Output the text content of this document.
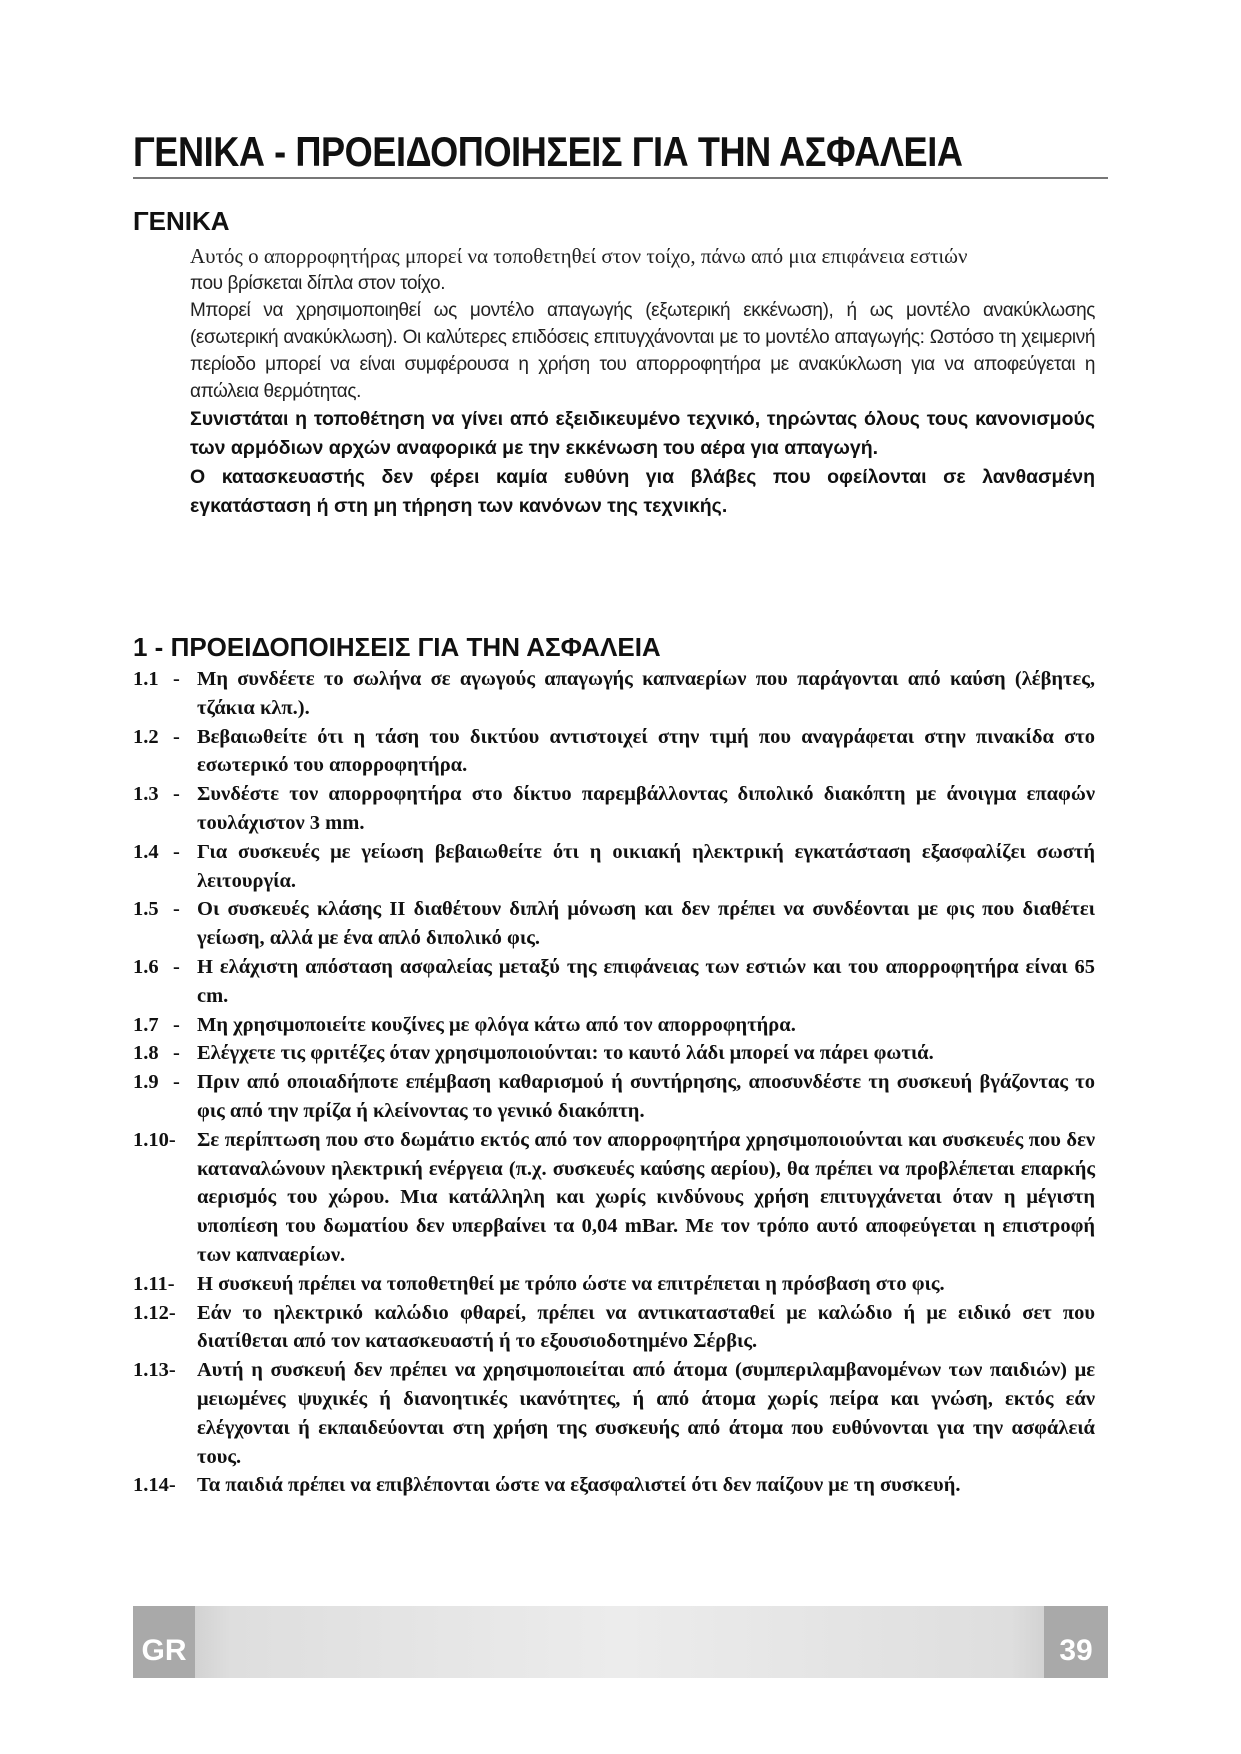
ΓΕΝΙΚΑ - ΠΡΟΕΙΔΟΠΟΙΗΣΕΙΣ ΓΙΑ ΤΗΝ ΑΣΦΑΛΕΙΑ
ΓΕΝΙΚΑ

Αυτός ο απορροφητήρας μπορεί να τοποθετηθεί στον τοίχο, πάνω από μια επιφάνεια εστιών

που βρίσκεται δίπλα στον τοίχο.

Μπορεί να χρησιμοποιηθεί ως μοντέλο απαγωγής (εξωτερική εκκένωση), ή ως μοντέλο ανακύκλωσης (εσωτερική ανακύκλωση). Οι καλύτερες επιδόσεις επιτυγχάνονται με το μοντέλο απαγωγής: Ωστόσο τη χειμερινή περίοδο μπορεί να είναι συμφέρουσα η χρήση του απορροφητήρα με ανακύκλωση για να αποφεύγεται η απώλεια θερμότητας.

Συνιστάται η τοποθέτηση να γίνει από εξειδικευμένο τεχνικό, τηρώντας όλους τους κανονισμούς των αρμόδιων αρχών αναφορικά με την εκκένωση του αέρα για απαγωγή.

Ο κατασκευαστής δεν φέρει καμία ευθύνη για βλάβες που οφείλονται σε λανθασμένη εγκατάσταση ή στη μη τήρηση των κανόνων της τεχνικής.

1 - ΠΡΟΕΙΔΟΠΟΙΗΣΕΙΣ ΓΙΑ ΤΗΝ ΑΣΦΑΛΕΙΑ
1.1 - Μη συνδέετε το σωλήνα σε αγωγούς απαγωγής καπναερίων που παράγονται από καύση (λέβητες, τζάκια κλπ.).
1.2 - Βεβαιωθείτε ότι η τάση του δικτύου αντιστοιχεί στην τιμή που αναγράφεται στην πινακίδα στο εσωτερικό του απορροφητήρα.
1.3 - Συνδέστε τον απορροφητήρα στο δίκτυο παρεμβάλλοντας διπολικό διακόπτη με άνοιγμα επαφών τουλάχιστον 3 mm.
1.4 - Για συσκευές με γείωση βεβαιωθείτε ότι η οικιακή ηλεκτρική εγκατάσταση εξασφαλίζει σωστή λειτουργία.
1.5 - Οι συσκευές κλάσης II διαθέτουν διπλή μόνωση και δεν πρέπει να συνδέονται με φις που διαθέτει γείωση, αλλά με ένα απλό διπολικό φις.
1.6 - Η ελάχιστη απόσταση ασφαλείας μεταξύ της επιφάνειας των εστιών και του απορροφητήρα είναι 65 cm.
1.7 - Μη χρησιμοποιείτε κουζίνες με φλόγα κάτω από τον απορροφητήρα.
1.8 - Ελέγχετε τις φριτέζες όταν χρησιμοποιούνται: το καυτό λάδι μπορεί να πάρει φωτιά.
1.9 - Πριν από οποιαδήποτε επέμβαση καθαρισμού ή συντήρησης, αποσυνδέστε τη συσκευή βγάζοντας το φις από την πρίζα ή κλείνοντας το γενικό διακόπτη.
1.10-	Σε περίπτωση που στο δωμάτιο εκτός από τον απορροφητήρα χρησιμοποιούνται και συσκευές που δεν καταναλώνουν ηλεκτρική ενέργεια (π.χ. συσκευές καύσης αερίου), θα πρέπει να προβλέπεται επαρκής αερισμός του χώρου. Μια κατάλληλη και χωρίς κινδύνους χρήση επιτυγχάνεται όταν η μέγιστη υποπίεση του δωματίου δεν υπερβαίνει τα 0,04 mBar. Με τον τρόπο αυτό αποφεύγεται η επιστροφή των καπναερίων.
1.11-	Η συσκευή πρέπει να τοποθετηθεί με τρόπο ώστε να επιτρέπεται η πρόσβαση στο φις.
1.12-	Εάν το ηλεκτρικό καλώδιο φθαρεί, πρέπει να αντικατασταθεί με καλώδιο ή με ειδικό σετ που διατίθεται από τον κατασκευαστή ή το εξουσιοδοτημένο Σέρβις.
1.13-	Αυτή η συσκευή δεν πρέπει να χρησιμοποιείται από άτομα (συμπεριλαμβανομένων των παιδιών) με μειωμένες ψυχικές ή διανοητικές ικανότητες, ή από άτομα χωρίς πείρα και γνώση, εκτός εάν ελέγχονται ή εκπαιδεύονται στη χρήση της συσκευής από άτομα που ευθύνονται για την ασφάλειά τους.
1.14-	Τα παιδιά πρέπει να επιβλέπονται ώστε να εξασφαλιστεί ότι δεν παίζουν με τη συσκευή.
GR	39
